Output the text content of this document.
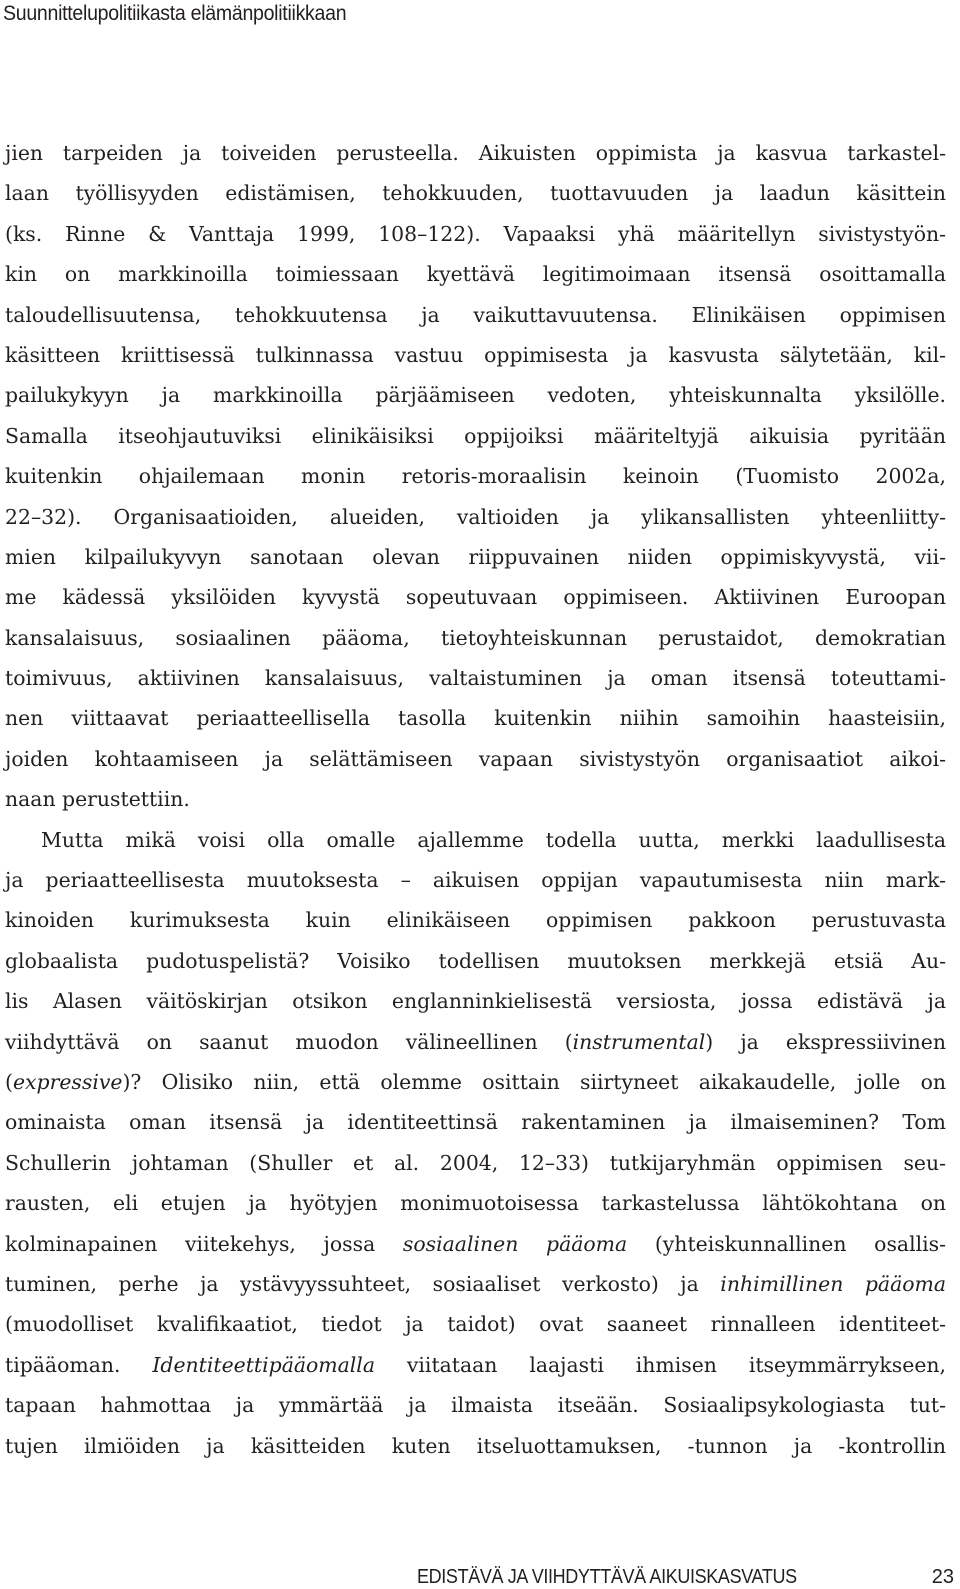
Suunnittelupolitiikasta elämänpolitiikkaan
jien tarpeiden ja toiveiden perusteella. Aikuisten oppimista ja kasvua tarkastel-
laan työllisyyden edistämisen, tehokkuuden, tuottavuuden ja laadun käsittein
(ks. Rinne & Vanttaja 1999, 108–122). Vapaaksi yhä määritellyn sivistystyön-
kin on markkinoilla toimiessaan kyettävä legitimoimaan itsensä osoittamalla
taloudellisuutensa, tehokkuutensa ja vaikuttavuutensa. Elinikäisen oppimisen
käsitteen kriittisessä tulkinnassa vastuu oppimisesta ja kasvusta sälytetään, kil-
pailukykyyn ja markkinoilla pärjäämiseen vedoten, yhteiskunnalta yksilölle.
Samalla itseohjautuviksi elinikäisiksi oppijoiksi määriteltyjä aikuisia pyritään
kuitenkin ohjailemaan monin retoris-moraalisin keinoin (Tuomisto 2002a,
22–32). Organisaatioiden, alueiden, valtioiden ja ylikansallisten yhteenliitty-
mien kilpailukyvyn sanotaan olevan riippuvainen niiden oppimiskyvystä, vii-
me kädessä yksilöiden kyvystä sopeutuvaan oppimiseen. Aktiivinen Euroopan
kansalaisuus, sosiaalinen pääoma, tietoyhteiskunnan perustaidot, demokratian
toimivuus, aktiivinen kansalaisuus, valtaistuminen ja oman itsensä toteuttami-
nen viittaavat periaatteellisella tasolla kuitenkin niihin samoihin haasteisiin,
joiden kohtaamiseen ja selättämiseen vapaan sivistystyön organisaatiot aikoi-
naan perustettiin.
Mutta mikä voisi olla omalle ajallemme todella uutta, merkki laadullisesta
ja periaatteellisesta muutoksesta – aikuisen oppijan vapautumisesta niin mark-
kinoiden kurimuksesta kuin elinikäiseen oppimisen pakkoon perustuvasta
globaalista pudotuspelistä? Voisiko todellisen muutoksen merkkejä etsiä Au-
lis Alasen väitöskirjan otsikon englanninkielisestä versiosta, jossa edistävä ja
viihdyttävä on saanut muodon välineellinen (instrumental) ja ekspressiivinen
(expressive)? Olisiko niin, että olemme osittain siirtyneet aikakaudelle, jolle on
ominaista oman itsensä ja identiteettinsä rakentaminen ja ilmaiseminen? Tom
Schullerin johtaman (Shuller et al. 2004, 12–33) tutkijaryhmän oppimisen seu-
rausten, eli etujen ja hyötyjen monimuotoisessa tarkastelussa lähtökohtana on
kolminapainen viitekehys, jossa sosiaalinen pääoma (yhteiskunnallinen osallis-
tuminen, perhe ja ystävyyssuhteet, sosiaaliset verkosto) ja inhimillinen pääoma
(muodolliset kvalifikaatiot, tiedot ja taidot) ovat saaneet rinnalleen identiteet-
tipääoman. Identiteettipääomalla viitataan laajasti ihmisen itseymmärrykseen,
tapaan hahmottaa ja ymmärtää ja ilmaista itseään. Sosiaalipsykologiasta tut-
tujen ilmiöiden ja käsitteiden kuten itseluottamuksen, -tunnon ja -kontrollin
EDISTÄVÄ JA VIIHDYTTÄVÄ AIKUISKASVATUS	23
